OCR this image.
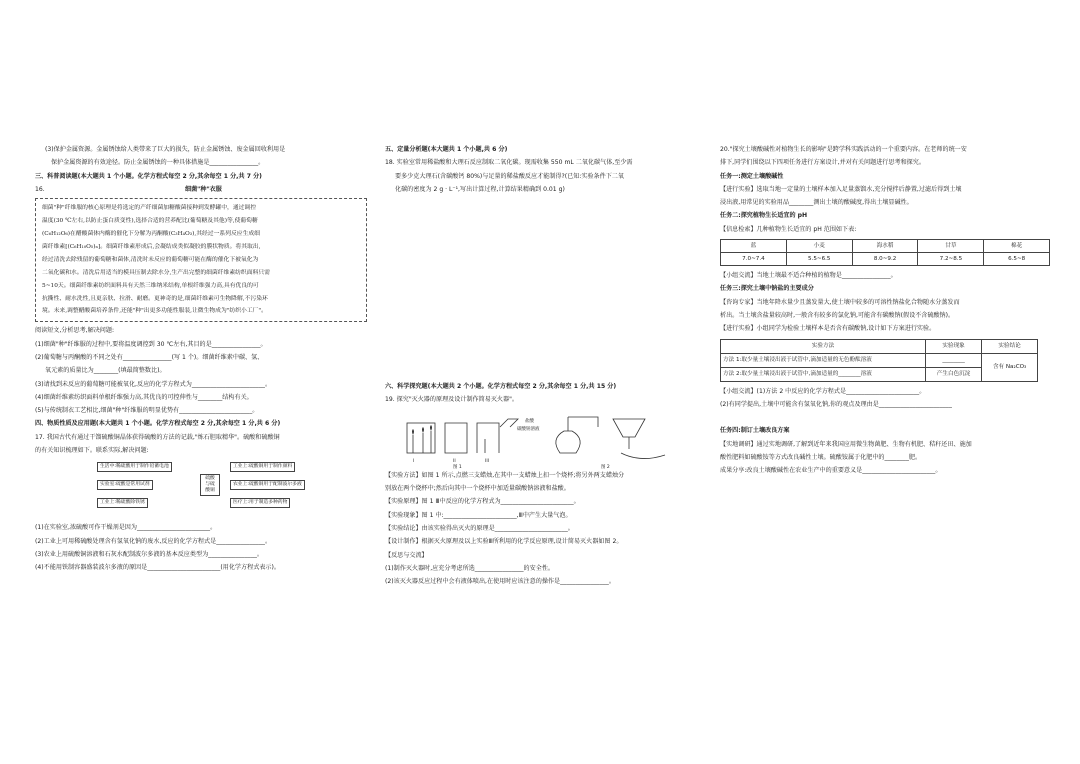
(3)保护金属资源。金属锈蚀给人类带来了巨大的损失，防止金属锈蚀、废金属回收利用是

保护金属资源的有效途径。防止金属锈蚀的一种具体措施是________________。

三、科普阅读题(本大题共 1 个小题。化学方程式每空 2 分,其余每空 1 分,共 7 分)

16.	细菌"种"衣服

细菌"种"纤维服的核心原理是将选定的产纤细菌加糖酸菌接种到发酵罐中，通过调控

温度(30 ℃左右,以防止蛋白质变性),选择合适的营养配比(葡萄糖及其他)等,使葡萄糖

(C₆H₁₂O₆)在醋酸菌体内酶的催化下分解为丙酮酸(C₃H₄O₃),其经过一系列反应生成细

菌纤维素[(C₆H₁₀O₅)ₙ]。细菌纤维素形成后,会凝结成类似凝胶的膜状物质。将其取出,

经过清洗去除残留的葡萄糖和菌体,清洗时未反应的葡萄糖可能在酶的催化下被氧化为

二氧化碳和水。清洗后用适当的模具压制去除水分,生产出完整的细菌纤维素纺织面料只需

5~10天。细菌纤维素纺织面料具有天然三维纳米结构,单根纤维强力高,具有优良的可

抗撕性、耐水洗性,且更亲肤、拉滑、耐磨。更神奇的是,细菌纤维素可生物降解,不污染环

境。未来,调整醋酸菌培养条件,还能"种"出更多功能性服装,让微生物成为"纺织小工厂"。

阅读短文,分析思考,解决问题:

(1)细菌"种"纤维服的过程中,要将温度调控到 30 ℃左右,其目的是________________。

(2)葡萄糖与丙酮酸的不同之处有________________(写 1 个)。细菌纤维素中碳、氢、

氧元素的质量比为________(填最简整数比)。

(3)请找到未反应的葡萄糖可能被氧化,反应的化学方程式为________________________。

(4)细菌纤维素纺织面料单根纤维强力高,其优良的可控伸性与________结构有关。

(5)与传统制衣工艺相比,细菌"种"纤维服的明显优势有________________________。

四、物质性质及应用题(本大题共 1 个小题。化学方程式每空 2 分,其余每空 1 分,共 6 分)

17. 我国古代有通过干馏硫酸铜晶体获得硫酸的方法的记载,"炼石胆取精华"。硫酸和硫酸铜

的有关知识梳理如下。联系实际,解决问题:

生活中:稀硫酸用于制作铅蓄电池
实验室:硫酸是常用试剂
工业上:稀硫酸除铁锈
硫酸与硫酸铜
工业上:硫酸铜用于制作颜料
农业上:硫酸铜用于配制波尔多液
医疗上:用于制造多种药物

(1)在实验室,浓硫酸可作干燥剂是因为________________________。

(2)工业上可用稀硫酸处理含有氢氧化钠的废水,反应的化学方程式是________________。

(3)农业上用硫酸铜溶液和石灰水配制波尔多液的基本反应类型为________________。

(4)不能用铁制容器盛装波尔多液的原因是________________________(用化学方程式表示)。

五、定量分析题(本大题共 1 个小题,共 6 分)

18. 实验室常用稀盐酸和大理石反应制取二氧化碳。现需收集 550 mL 二氧化碳气体,至少需

要多少克大理石(含碳酸钙 80%)与足量的稀盐酸反应才能制得?(已知:实验条件下二氧

化碳的密度为 2 g · L⁻¹,写出计算过程,计算结果精确到 0.01 g)

六、科学探究题(本大题共 2 个小题。化学方程式每空 2 分,其余每空 1 分,共 15 分)

19. 探究"灭火器的原理及设计制作简易灭火器"。

I	II	III
盐酸
碳酸钠溶液
图 1	图 2

【实验方法】如图 1 所示,点燃三支蜡烛,在其中一支蜡烛上扣一个烧杯;将另外两支蜡烛分

别放在两个烧杯中;然后向其中一个烧杯中加适量碳酸钠溶液和盐酸。

【实验原理】图 1 Ⅲ中反应的化学方程式为________________________。

【实验现象】图 1 中:________________________,Ⅲ中产生大量气泡。

【实验结论】由该实验得出灭火的原理是________________________。

【设计制作】根据灭火原理及以上实验Ⅲ所利用的化学反应原理,设计简易灭火器如图 2。

【反思与交流】

(1)制作灭火器时,应充分考虑所选________________的安全性。

(2)该灭火器反应过程中会有液体喷出,在使用时应该注意的操作是________________。

20."探究土壤酸碱性对植物生长的影响"是跨学科实践活动的一个重要内容。在老师的统一安

排下,同学们围绕以下四项任务进行方案设计,并对有关问题进行思考和探究。

任务一:测定土壤酸碱性

【进行实验】选取当地一定量的土壤样本加入足量蒸馏水,充分搅拌后静置,过滤后得到土壤

浸出液,用常见的实验用品________测出土壤的酸碱度,得出土壤显碱性。

任务二:探究植物生长适宜的 pH

【信息检索】几种植物生长适宜的 pH 范围如下表:

蓝	小麦	海水稻	甘草	棉花
7.0~7.4	5.5~6.5	8.0~9.2	7.2~8.5	6.5~8

【小组交流】当地土壤最不适合种植的植物是________________。

任务三:探究土壤中钠盐的主要成分

【咨询专家】当地年降水量少且蒸发量大,使土壤中较多的可溶性钠盐化合物随水分蒸发而

析出。当土壤含盐量较高时,一般含有较多的氯化钠,可能含有碳酸钠(假设不含硫酸钠)。

【进行实验】小组同学为检验土壤样本是否含有碳酸钠,设计如下方案进行实验。

实验方法	实验现象	实验结论
方法 1:取少量土壤浸出液于试管中,滴加适量的无色酚酞溶液	________	含有 Na₂CO₃
方法 2:取少量土壤浸出液于试管中,滴加适量的________溶液	产生白色沉淀	

【小组交流】(1)方法 2 中反应的化学方程式是________________________。

(2)有同学提出,土壤中可能含有氢氧化钠,你的观点及理由是________________________

任务四:制订土壤改良方案

【实地调研】通过实地调研,了解到近年来我国应用微生物菌肥、生物有机肥、秸秆还田、施加

酸性肥料如硫酸铵等方式改良碱性土壤。硫酸铵属于化肥中的________肥。

成果分享:改良土壤酸碱性在农业生产中的重要意义是________________________。
